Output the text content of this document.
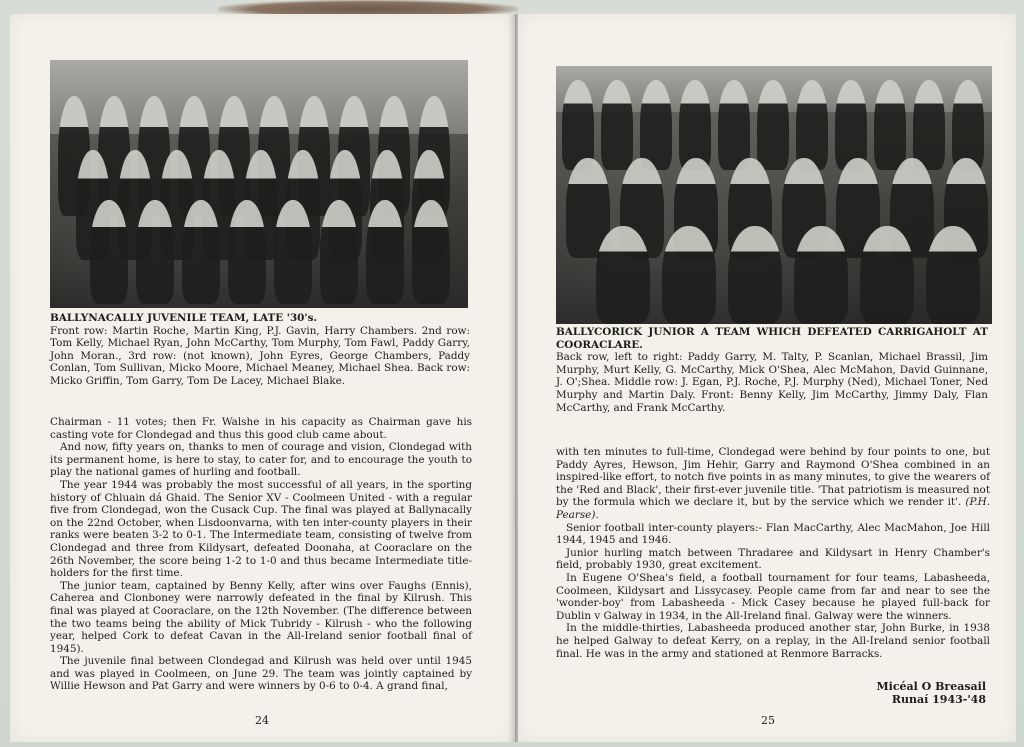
BALLYNACALLY JUVENILE TEAM, LATE '30's.
Front row: Martin Roche, Martin King, P.J. Gavin, Harry Chambers. 2nd row: Tom Kelly, Michael Ryan, John McCarthy, Tom Murphy, Tom Fawl, Paddy Garry, John Moran., 3rd row: (not known), John Eyres, George Chambers, Paddy Conlan, Tom Sullivan, Micko Moore, Michael Meaney, Michael Shea. Back row: Micko Griffin, Tom Garry, Tom De Lacey, Michael Blake.

Chairman - 11 votes; then Fr. Walshe in his capacity as Chairman gave his casting vote for Clondegad and thus this good club came about.

And now, fifty years on, thanks to men of courage and vision, Clondegad with its permanent home, is here to stay, to cater for, and to encourage the youth to play the national games of hurling and football.

The year 1944 was probably the most successful of all years, in the sporting history of Chluain dá Ghaid. The Senior XV - Coolmeen United - with a regular five from Clondegad, won the Cusack Cup. The final was played at Ballynacally on the 22nd October, when Lisdoonvarna, with ten inter-county players in their ranks were beaten 3-2 to 0-1. The Intermediate team, consisting of twelve from Clondegad and three from Kildysart, defeated Doonaha, at Cooraclare on the 26th November, the score being 1-2 to 1-0 and thus became Intermediate title-holders for the first time.

The junior team, captained by Benny Kelly, after wins over Faughs (Ennis), Caherea and Clonboney were narrowly defeated in the final by Kilrush. This final was played at Cooraclare, on the 12th November. (The difference between the two teams being the ability of Mick Tubridy - Kilrush - who the following year, helped Cork to defeat Cavan in the All-Ireland senior football final of 1945).

The juvenile final between Clondegad and Kilrush was held over until 1945 and was played in Coolmeen, on June 29. The team was jointly captained by Willie Hewson and Pat Garry and were winners by 0-6 to 0-4. A grand final,

24
BALLYCORICK JUNIOR A TEAM WHICH DEFEATED CARRIGAHOLT AT COORACLARE.
Back row, left to right: Paddy Garry, M. Talty, P. Scanlan, Michael Brassil, Jim Murphy, Murt Kelly, G. McCarthy, Mick O'Shea, Alec McMahon, David Guinnane, J. O';Shea. Middle row: J. Egan, P.J. Roche, P.J. Murphy (Ned), Michael Toner, Ned Murphy and Martin Daly. Front: Benny Kelly, Jim McCarthy, Jimmy Daly, Flan McCarthy, and Frank McCarthy.

with ten minutes to full-time, Clondegad were behind by four points to one, but Paddy Ayres, Hewson, Jim Hehir, Garry and Raymond O'Shea combined in an inspired-like effort, to notch five points in as many minutes, to give the wearers of the 'Red and Black', their first-ever juvenile title. 'That patriotism is measured not by the formula which we declare it, but by the service which we render it'. (P.H. Pearse).

Senior football inter-county players:- Flan MacCarthy, Alec MacMahon, Joe Hill 1944, 1945 and 1946.

Junior hurling match between Thradaree and Kildysart in Henry Chamber's field, probably 1930, great excitement.

In Eugene O'Shea's field, a football tournament for four teams, Labasheeda, Coolmeen, Kildysart and Lissycasey. People came from far and near to see the 'wonder-boy' from Labasheeda - Mick Casey because he played full-back for Dublin v Galway in 1934, in the All-Ireland final. Galway were the winners.

In the middle-thirties, Labasheeda produced another star, John Burke, in 1938 he helped Galway to defeat Kerry, on a replay, in the All-Ireland senior football final. He was in the army and stationed at Renmore Barracks.

Micéal O Breasail
Runaí 1943-'48
25
